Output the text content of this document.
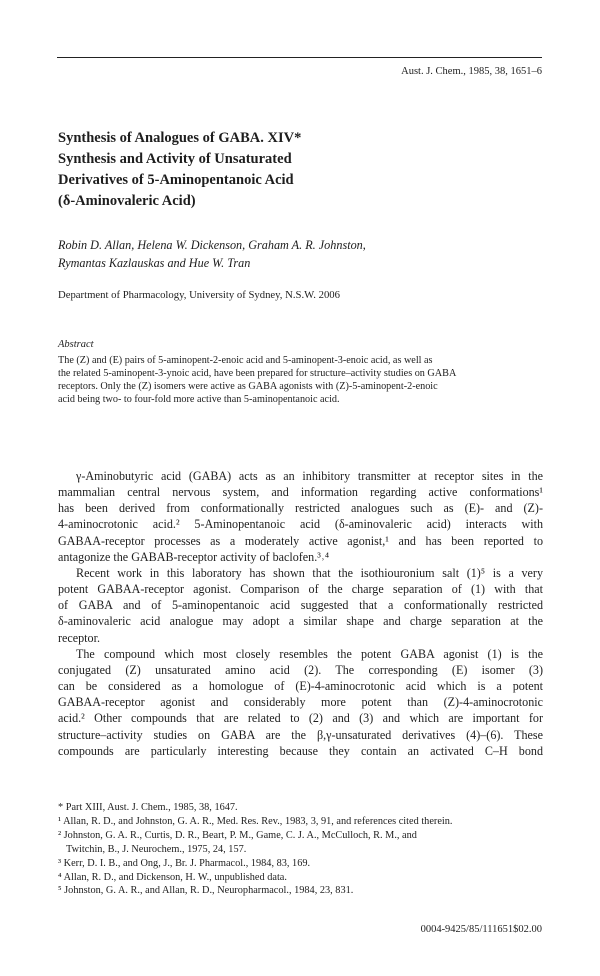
Aust. J. Chem., 1985, 38, 1651–6
Synthesis of Analogues of GABA. XIV*
Synthesis and Activity of Unsaturated
Derivatives of 5-Aminopentanoic Acid
(δ-Aminovaleric Acid)
Robin D. Allan, Helena W. Dickenson, Graham A. R. Johnston,
Rymantas Kazlauskas and Hue W. Tran
Department of Pharmacology, University of Sydney, N.S.W. 2006
Abstract
The (Z) and (E) pairs of 5-aminopent-2-enoic acid and 5-aminopent-3-enoic acid, as well as
the related 5-aminopent-3-ynoic acid, have been prepared for structure–activity studies on GABA
receptors. Only the (Z) isomers were active as GABA agonists with (Z)-5-aminopent-2-enoic
acid being two- to four-fold more active than 5-aminopentanoic acid.
γ-Aminobutyric acid (GABA) acts as an inhibitory transmitter at receptor sites in the
mammalian central nervous system, and information regarding active conformations¹
has been derived from conformationally restricted analogues such as (E)- and (Z)-
4-aminocrotonic acid.² 5-Aminopentanoic acid (δ-aminovaleric acid) interacts with
GABAA-receptor processes as a moderately active agonist,¹ and has been reported to
antagonize the GABAB-receptor activity of baclofen.³˒⁴
Recent work in this laboratory has shown that the isothiouronium salt (1)⁵ is a very
potent GABAA-receptor agonist. Comparison of the charge separation of (1) with that
of GABA and of 5-aminopentanoic acid suggested that a conformationally restricted
δ-aminovaleric acid analogue may adopt a similar shape and charge separation at the
receptor.
The compound which most closely resembles the potent GABA agonist (1) is the
conjugated (Z) unsaturated amino acid (2). The corresponding (E) isomer (3)
can be considered as a homologue of (E)-4-aminocrotonic acid which is a potent
GABAA-receptor agonist and considerably more potent than (Z)-4-aminocrotonic
acid.² Other compounds that are related to (2) and (3) and which are important for
structure–activity studies on GABA are the β,γ-unsaturated derivatives (4)–(6). These
compounds are particularly interesting because they contain an activated C–H bond
* Part XIII, Aust. J. Chem., 1985, 38, 1647.
¹ Allan, R. D., and Johnston, G. A. R., Med. Res. Rev., 1983, 3, 91, and references cited therein.
² Johnston, G. A. R., Curtis, D. R., Beart, P. M., Game, C. J. A., McCulloch, R. M., and
Twitchin, B., J. Neurochem., 1975, 24, 157.
³ Kerr, D. I. B., and Ong, J., Br. J. Pharmacol., 1984, 83, 169.
⁴ Allan, R. D., and Dickenson, H. W., unpublished data.
⁵ Johnston, G. A. R., and Allan, R. D., Neuropharmacol., 1984, 23, 831.
0004-9425/85/111651$02.00
